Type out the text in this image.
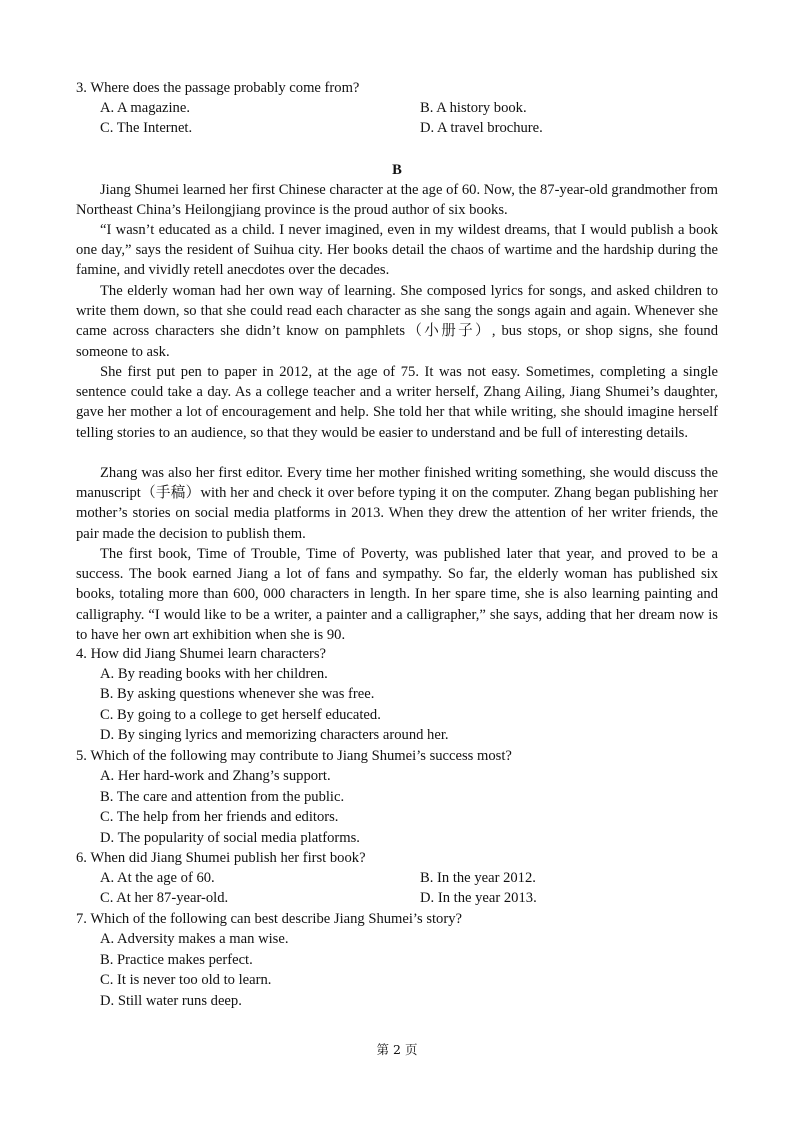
3. Where does the passage probably come from?
A. A magazine.	B. A history book.
C. The Internet.	D. A travel brochure.
B
Jiang Shumei learned her first Chinese character at the age of 60. Now, the 87-year-old grandmother from Northeast China’s Heilongjiang province is the proud author of six books.
“I wasn’t educated as a child. I never imagined, even in my wildest dreams, that I would publish a book one day,” says the resident of Suihua city. Her books detail the chaos of wartime and the hardship during the famine, and vividly retell anecdotes over the decades.
The elderly woman had her own way of learning. She composed lyrics for songs, and asked children to write them down, so that she could read each character as she sang the songs again and again. Whenever she came across characters she didn’t know on pamphlets（小册子）, bus stops, or shop signs, she found someone to ask.
She first put pen to paper in 2012, at the age of 75. It was not easy. Sometimes, completing a single sentence could take a day. As a college teacher and a writer herself, Zhang Ailing, Jiang Shumei’s daughter, gave her mother a lot of encouragement and help. She told her that while writing, she should imagine herself telling stories to an audience, so that they would be easier to understand and be full of interesting details.
Zhang was also her first editor. Every time her mother finished writing something, she would discuss the manuscript（手稿）with her and check it over before typing it on the computer. Zhang began publishing her mother’s stories on social media platforms in 2013. When they drew the attention of her writer friends, the pair made the decision to publish them.
The first book, Time of Trouble, Time of Poverty, was published later that year, and proved to be a success. The book earned Jiang a lot of fans and sympathy. So far, the elderly woman has published six books, totaling more than 600, 000 characters in length. In her spare time, she is also learning painting and calligraphy. “I would like to be a writer, a painter and a calligrapher,” she says, adding that her dream now is to have her own art exhibition when she is 90.
4. How did Jiang Shumei learn characters?
A. By reading books with her children.
B. By asking questions whenever she was free.
C. By going to a college to get herself educated.
D. By singing lyrics and memorizing characters around her.
5. Which of the following may contribute to Jiang Shumei’s success most?
A. Her hard-work and Zhang’s support.
B. The care and attention from the public.
C. The help from her friends and editors.
D. The popularity of social media platforms.
6. When did Jiang Shumei publish her first book?
A. At the age of 60.	B. In the year 2012.
C. At her 87-year-old.	D. In the year 2013.
7. Which of the following can best describe Jiang Shumei’s story?
A. Adversity makes a man wise.
B. Practice makes perfect.
C. It is never too old to learn.
D. Still water runs deep.
第 2 页
